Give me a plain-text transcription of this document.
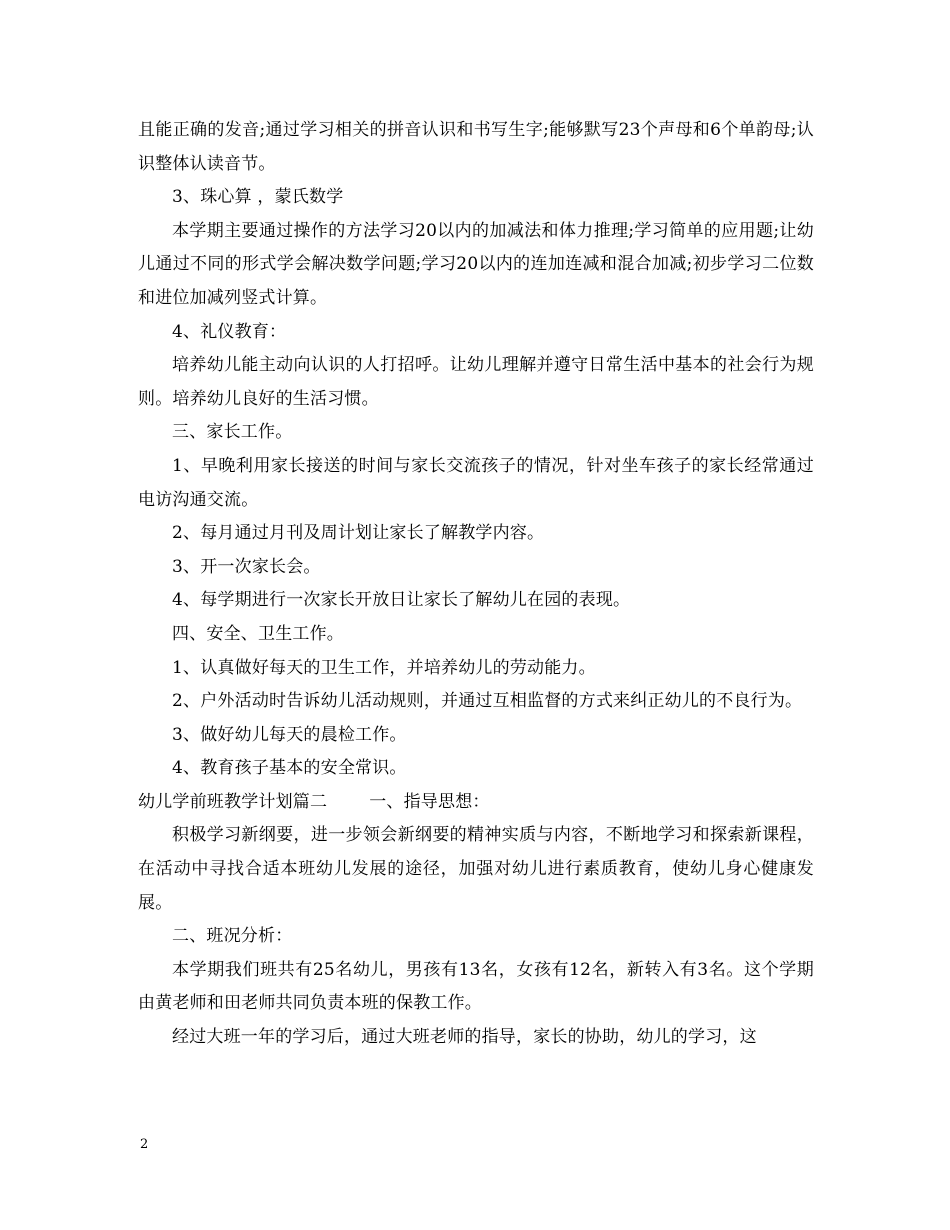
且能正确的发音;通过学习相关的拼音认识和书写生字;能够默写23个声母和6个单韵母;认识整体认读音节。

3、珠心算 ，蒙氏数学

本学期主要通过操作的方法学习20以内的加减法和体力推理;学习简单的应用题;让幼儿通过不同的形式学会解决数学问题;学习20以内的连加连减和混合加减;初步学习二位数和进位加减列竖式计算。

4、礼仪教育：

培养幼儿能主动向认识的人打招呼。让幼儿理解并遵守日常生活中基本的社会行为规则。培养幼儿良好的生活习惯。

三、家长工作。

1、早晚利用家长接送的时间与家长交流孩子的情况，针对坐车孩子的家长经常通过电访沟通交流。

2、每月通过月刊及周计划让家长了解教学内容。

3、开一次家长会。

4、每学期进行一次家长开放日让家长了解幼儿在园的表现。

四、安全、卫生工作。

1、认真做好每天的卫生工作，并培养幼儿的劳动能力。

2、户外活动时告诉幼儿活动规则，并通过互相监督的方式来纠正幼儿的不良行为。

3、做好幼儿每天的晨检工作。

4、教育孩子基本的安全常识。

幼儿学前班教学计划篇二 一、指导思想：

积极学习新纲要，进一步领会新纲要的精神实质与内容，不断地学习和探索新课程，在活动中寻找合适本班幼儿发展的途径，加强对幼儿进行素质教育，使幼儿身心健康发展。

二、班况分析：

本学期我们班共有25名幼儿，男孩有13名，女孩有12名，新转入有3名。这个学期由黄老师和田老师共同负责本班的保教工作。

经过大班一年的学习后，通过大班老师的指导，家长的协助，幼儿的学习，这

2
